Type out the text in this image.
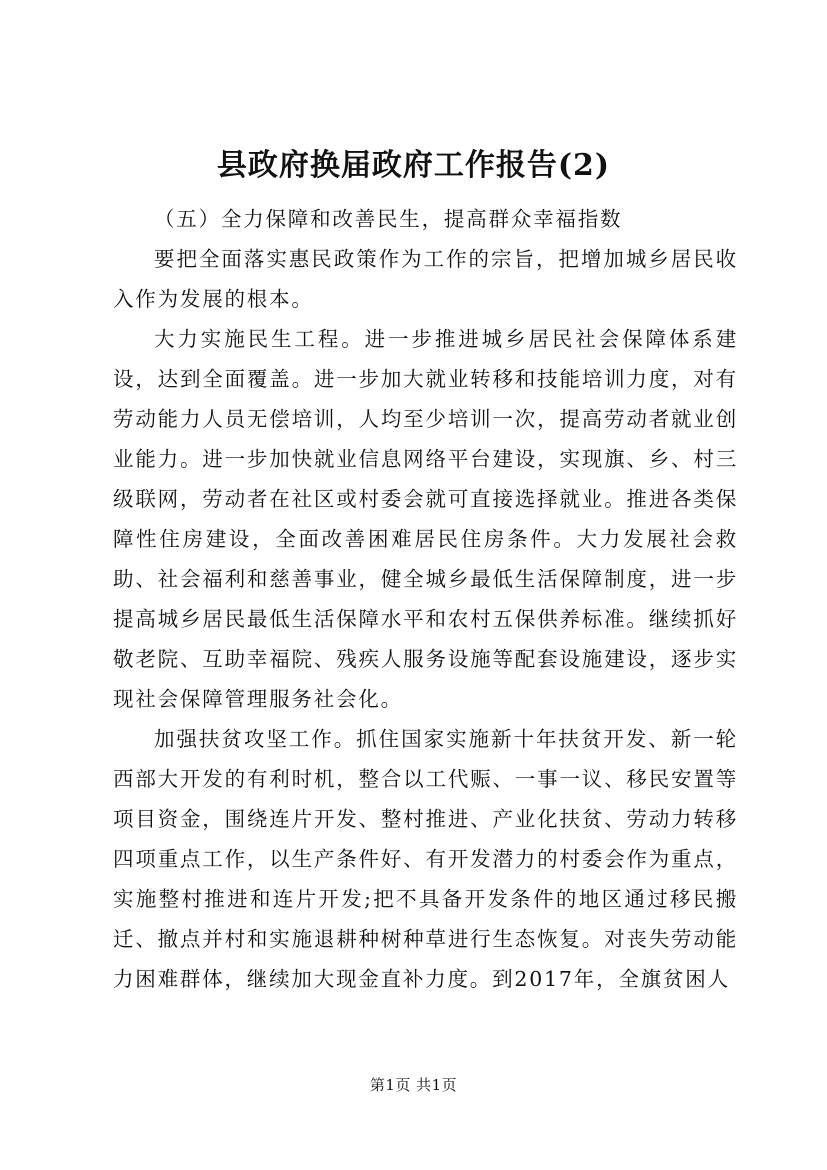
县政府换届政府工作报告(2)

（五）全力保障和改善民生，提高群众幸福指数

要把全面落实惠民政策作为工作的宗旨，把增加城乡居民收入作为发展的根本。

大力实施民生工程。进一步推进城乡居民社会保障体系建设，达到全面覆盖。进一步加大就业转移和技能培训力度，对有劳动能力人员无偿培训，人均至少培训一次，提高劳动者就业创业能力。进一步加快就业信息网络平台建设，实现旗、乡、村三级联网，劳动者在社区或村委会就可直接选择就业。推进各类保障性住房建设，全面改善困难居民住房条件。大力发展社会救助、社会福利和慈善事业，健全城乡最低生活保障制度，进一步提高城乡居民最低生活保障水平和农村五保供养标准。继续抓好敬老院、互助幸福院、残疾人服务设施等配套设施建设，逐步实现社会保障管理服务社会化。

加强扶贫攻坚工作。抓住国家实施新十年扶贫开发、新一轮西部大开发的有利时机，整合以工代赈、一事一议、移民安置等项目资金，围绕连片开发、整村推进、产业化扶贫、劳动力转移四项重点工作，以生产条件好、有开发潜力的村委会作为重点，实施整村推进和连片开发;把不具备开发条件的地区通过移民搬迁、撤点并村和实施退耕种树种草进行生态恢复。对丧失劳动能力困难群体，继续加大现金直补力度。到2017年，全旗贫困人

第1页 共1页
